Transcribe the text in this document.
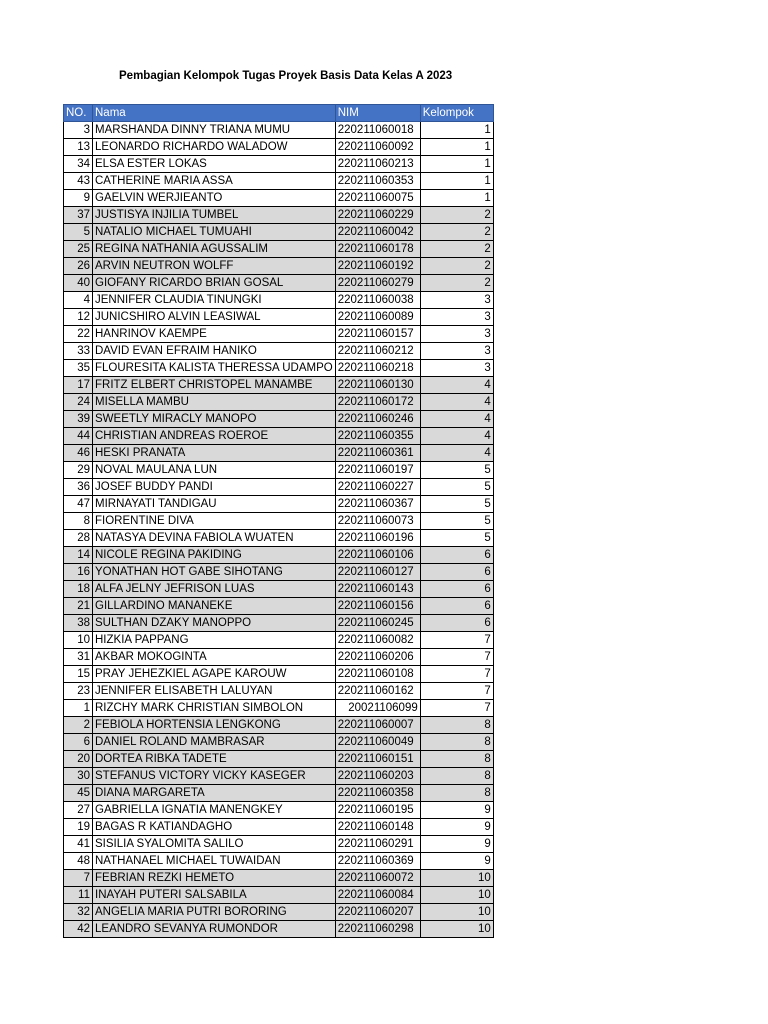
Pembagian Kelompok Tugas Proyek Basis Data Kelas A 2023
NO.	Nama	NIM	Kelompok
3	MARSHANDA DINNY TRIANA MUMU	220211060018	1
13	LEONARDO RICHARDO WALADOW	220211060092	1
34	ELSA ESTER LOKAS	220211060213	1
43	CATHERINE MARIA ASSA	220211060353	1
9	GAELVIN WERJIEANTO	220211060075	1
37	JUSTISYA INJILIA TUMBEL	220211060229	2
5	NATALIO MICHAEL TUMUAHI	220211060042	2
25	REGINA NATHANIA AGUSSALIM	220211060178	2
26	ARVIN NEUTRON WOLFF	220211060192	2
40	GIOFANY RICARDO BRIAN GOSAL	220211060279	2
4	JENNIFER CLAUDIA TINUNGKI	220211060038	3
12	JUNICSHIRO ALVIN LEASIWAL	220211060089	3
22	HANRINOV KAEMPE	220211060157	3
33	DAVID EVAN EFRAIM HANIKO	220211060212	3
35	FLOURESITA KALISTA THERESSA UDAMPO	220211060218	3
17	FRITZ ELBERT CHRISTOPEL MANAMBE	220211060130	4
24	MISELLA MAMBU	220211060172	4
39	SWEETLY MIRACLY MANOPO	220211060246	4
44	CHRISTIAN ANDREAS ROEROE	220211060355	4
46	HESKI PRANATA	220211060361	4
29	NOVAL MAULANA LUN	220211060197	5
36	JOSEF BUDDY PANDI	220211060227	5
47	MIRNAYATI TANDIGAU	220211060367	5
8	FIORENTINE DIVA	220211060073	5
28	NATASYA DEVINA FABIOLA WUATEN	220211060196	5
14	NICOLE REGINA PAKIDING	220211060106	6
16	YONATHAN HOT GABE SIHOTANG	220211060127	6
18	ALFA JELNY JEFRISON LUAS	220211060143	6
21	GILLARDINO MANANEKE	220211060156	6
38	SULTHAN DZAKY MANOPPO	220211060245	6
10	HIZKIA PAPPANG	220211060082	7
31	AKBAR MOKOGINTA	220211060206	7
15	PRAY JEHEZKIEL AGAPE KAROUW	220211060108	7
23	JENNIFER ELISABETH LALUYAN	220211060162	7
1	RIZCHY MARK CHRISTIAN SIMBOLON	20021106099	7
2	FEBIOLA HORTENSIA LENGKONG	220211060007	8
6	DANIEL ROLAND MAMBRASAR	220211060049	8
20	DORTEA RIBKA TADETE	220211060151	8
30	STEFANUS VICTORY VICKY KASEGER	220211060203	8
45	DIANA MARGARETA	220211060358	8
27	GABRIELLA IGNATIA MANENGKEY	220211060195	9
19	BAGAS R KATIANDAGHO	220211060148	9
41	SISILIA SYALOMITA SALILO	220211060291	9
48	NATHANAEL MICHAEL TUWAIDAN	220211060369	9
7	FEBRIAN REZKI HEMETO	220211060072	10
11	INAYAH PUTERI SALSABILA	220211060084	10
32	ANGELIA MARIA PUTRI BORORING	220211060207	10
42	LEANDRO SEVANYA RUMONDOR	220211060298	10
